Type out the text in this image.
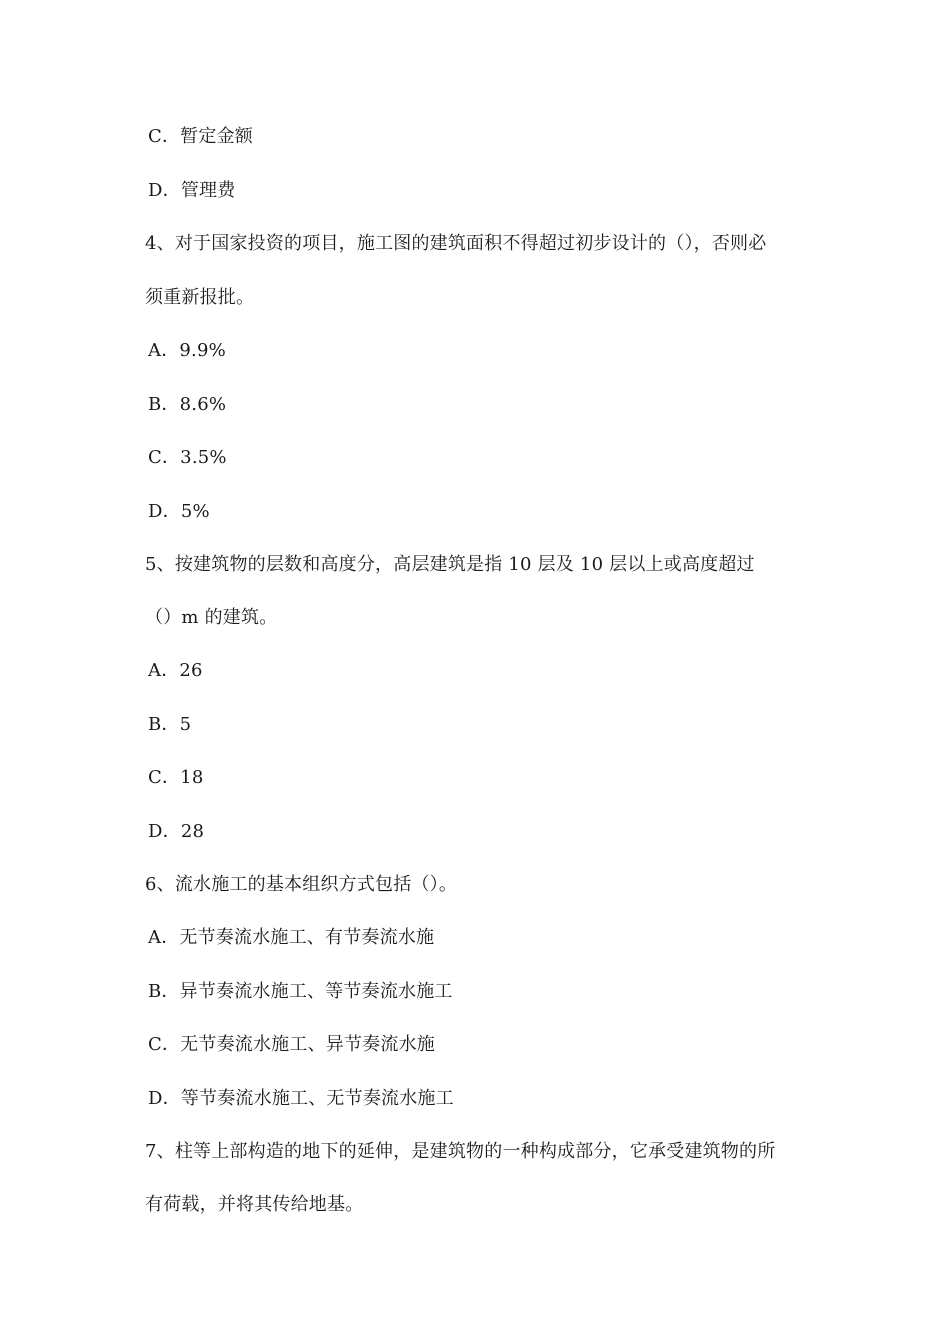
C．暂定金额
D．管理费
4、对于国家投资的项目，施工图的建筑面积不得超过初步设计的（），否则必
须重新报批。
A．9.9%
B．8.6%
C．3.5%
D．5%
5、按建筑物的层数和高度分，高层建筑是指 10 层及 10 层以上或高度超过
（）m 的建筑。
A．26
B．5
C．18
D．28
6、流水施工的基本组织方式包括（）。
A．无节奏流水施工、有节奏流水施
B．异节奏流水施工、等节奏流水施工
C．无节奏流水施工、异节奏流水施
D．等节奏流水施工、无节奏流水施工
7、柱等上部构造的地下的延伸，是建筑物的一种构成部分，它承受建筑物的所
有荷载，并将其传给地基。
